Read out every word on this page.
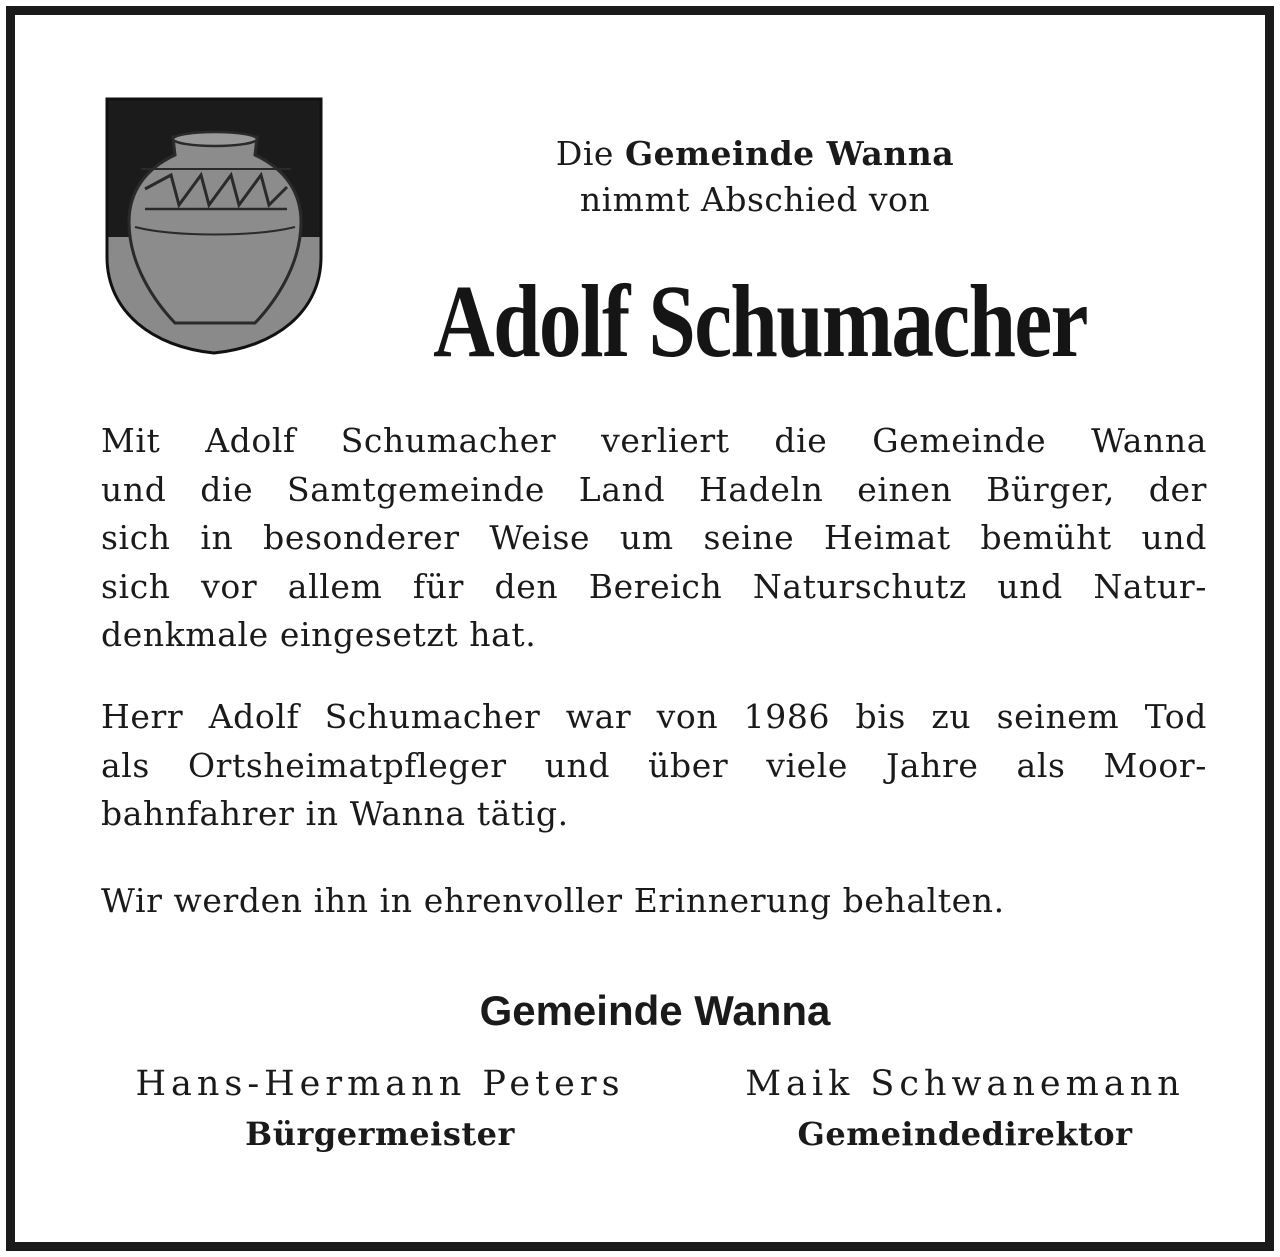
Die Gemeinde Wanna
nimmt Abschied von
Adolf Schumacher
Mit Adolf Schumacher verliert die Gemeinde Wanna
und die Samtgemeinde Land Hadeln einen Bürger, der
sich in besonderer Weise um seine Heimat bemüht und
sich vor allem für den Bereich Naturschutz und Natur-
denkmale eingesetzt hat.
Herr Adolf Schumacher war von 1986 bis zu seinem Tod
als Ortsheimatpfleger und über viele Jahre als Moor-
bahnfahrer in Wanna tätig.
Wir werden ihn in ehrenvoller Erinnerung behalten.
Gemeinde Wanna
Hans-Hermann Peters
Bürgermeister
Maik Schwanemann
Gemeindedirektor
